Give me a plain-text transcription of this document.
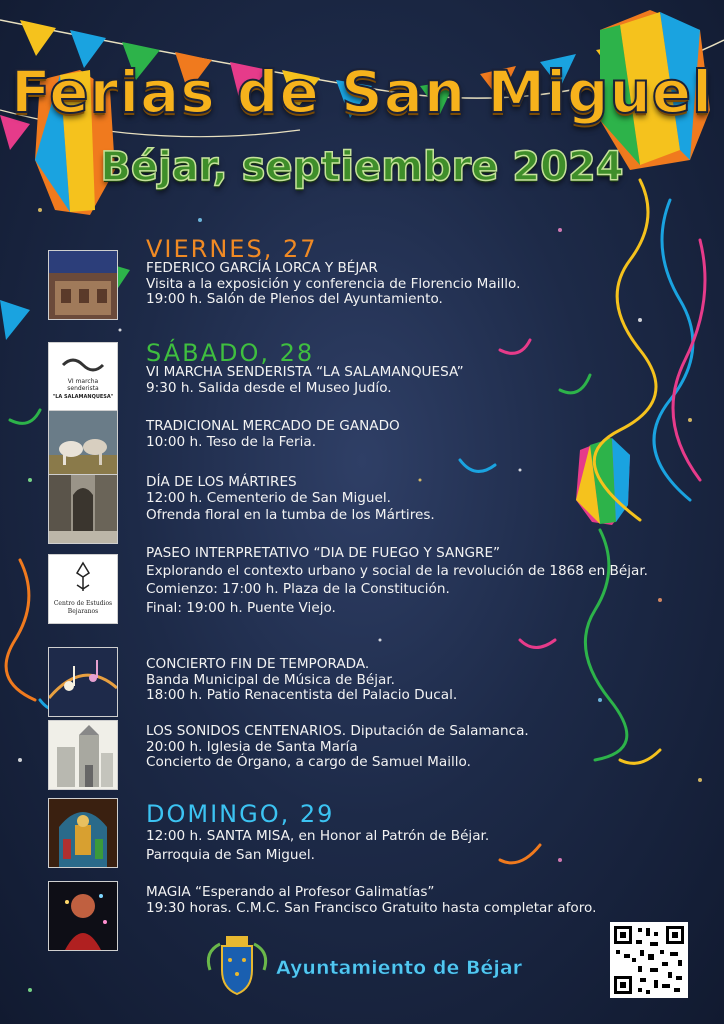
Ferias de San Miguel
Béjar, septiembre 2024
VIERNES, 27
SÁBADO, 28
DOMINGO, 29
FEDERICO GARCÍA LORCA Y BÉJAR
Visita a la exposición y conferencia de Florencio Maillo.
19:00 h. Salón de Plenos del Ayuntamiento.
VI marcha
senderista
"LA SALAMANQUESA"
VI MARCHA SENDERISTA “LA SALAMANQUESA”
9:30 h. Salida desde el Museo Judío.
TRADICIONAL MERCADO DE GANADO
10:00 h. Teso de la Feria.
DÍA DE LOS MÁRTIRES
12:00 h. Cementerio de San Miguel.
Ofrenda floral en la tumba de los Mártires.
Centro de Estudios
Bejaranos
PASEO INTERPRETATIVO “DIA DE FUEGO Y SANGRE”
Explorando el contexto urbano y social de la revolución de 1868 en Béjar.
Comienzo: 17:00 h. Plaza de la Constitución.
Final: 19:00 h. Puente Viejo.
CONCIERTO FIN DE TEMPORADA.
Banda Municipal de Música de Béjar.
18:00 h. Patio Renacentista del Palacio Ducal.
LOS SONIDOS CENTENARIOS. Diputación de Salamanca.
20:00 h. Iglesia de Santa María
Concierto de Órgano, a cargo de Samuel Maillo.
12:00 h. SANTA MISA, en Honor al Patrón de Béjar.
Parroquia de San Miguel.
MAGIA “Esperando al Profesor Galimatías”
19:30 horas. C.M.C. San Francisco Gratuito hasta completar aforo.
Ayuntamiento de Béjar
